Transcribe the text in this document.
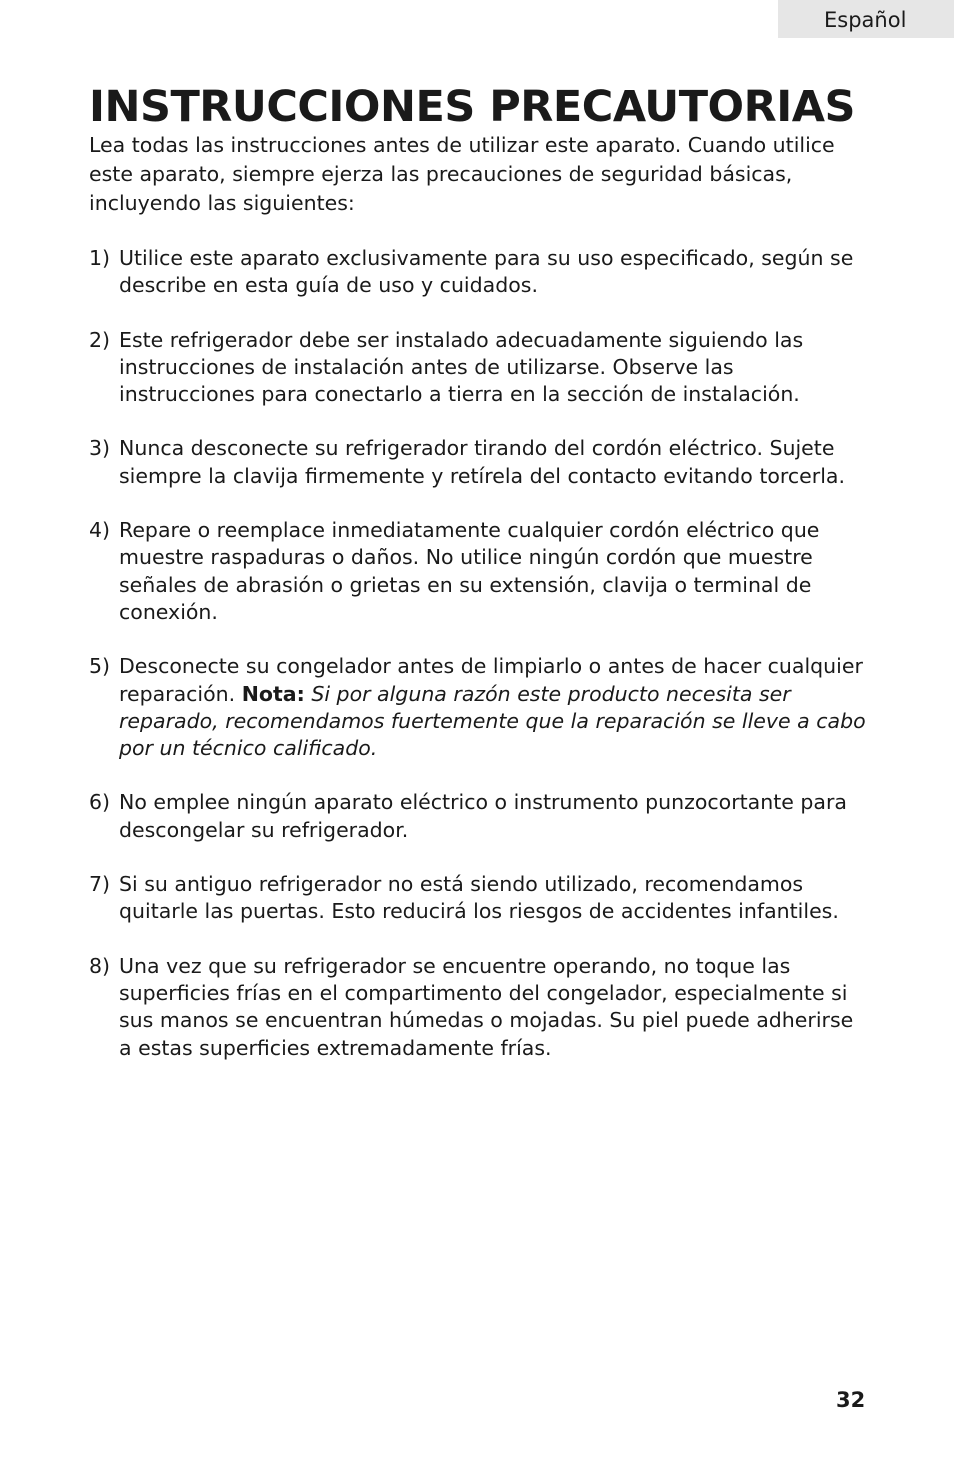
Español
INSTRUCCIONES PRECAUTORIAS

Lea todas las instrucciones antes de utilizar este aparato. Cuando utilice este aparato, siempre ejerza las precauciones de seguridad básicas, incluyendo las siguientes:

1) Utilice este aparato exclusivamente para su uso especificado, según se describe en esta guía de uso y cuidados.
2) Este refrigerador debe ser instalado adecuadamente siguiendo las instrucciones de instalación antes de utilizarse. Observe las instrucciones para conectarlo a tierra en la sección de instalación.
3) Nunca desconecte su refrigerador tirando del cordón eléctrico. Sujete siempre la clavija firmemente y retírela del contacto evitando torcerla.
4) Repare o reemplace inmediatamente cualquier cordón eléctrico que muestre raspaduras o daños. No utilice ningún cordón que muestre señales de abrasión o grietas en su extensión, clavija o terminal de conexión.
5) Desconecte su congelador antes de limpiarlo o antes de hacer cualquier reparación. Nota: Si por alguna razón este producto necesita ser reparado, recomendamos fuertemente que la reparación se lleve a cabo por un técnico calificado.
6) No emplee ningún aparato eléctrico o instrumento punzocortante para descongelar su refrigerador.
7) Si su antiguo refrigerador no está siendo utilizado, recomendamos quitarle las puertas. Esto reducirá los riesgos de accidentes infantiles.
8) Una vez que su refrigerador se encuentre operando, no toque las superficies frías en el compartimento del congelador, especialmente si sus manos se encuentran húmedas o mojadas. Su piel puede adherirse a estas superficies extremadamente frías.
32
